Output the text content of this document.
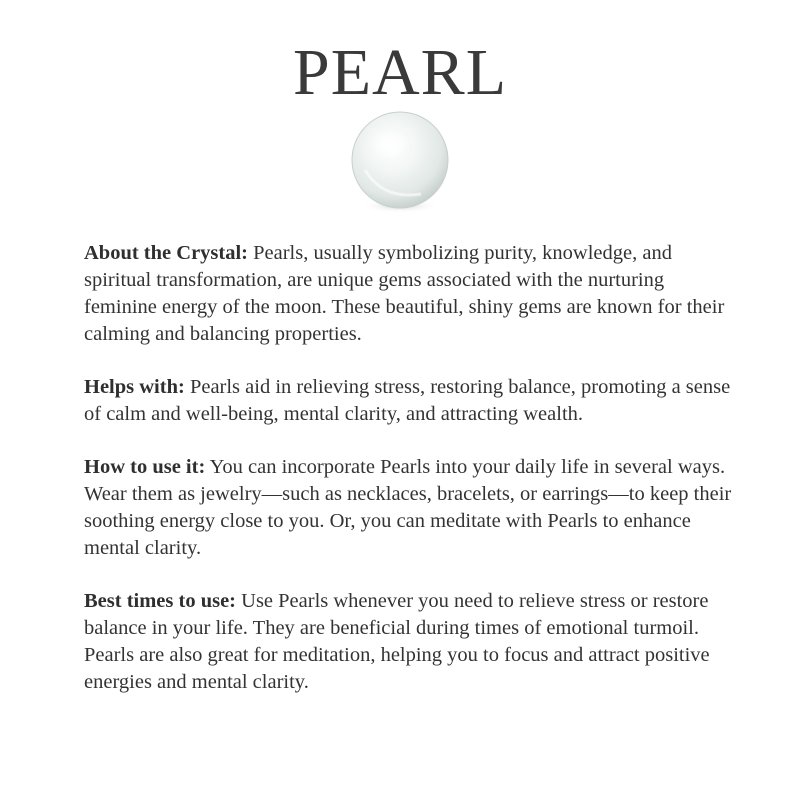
PEARL

About the Crystal: Pearls, usually symbolizing purity, knowledge, and spiritual transformation, are unique gems associated with the nurturing feminine energy of the moon. These beautiful, shiny gems are known for their calming and balancing properties.

Helps with: Pearls aid in relieving stress, restoring balance, promoting a sense of calm and well-being, mental clarity, and attracting wealth.

How to use it: You can incorporate Pearls into your daily life in several ways. Wear them as jewelry—such as necklaces, bracelets, or earrings—to keep their soothing energy close to you. Or, you can meditate with Pearls to enhance mental clarity.

Best times to use: Use Pearls whenever you need to relieve stress or restore balance in your life. They are beneficial during times of emotional turmoil. Pearls are also great for meditation, helping you to focus and attract positive energies and mental clarity.
